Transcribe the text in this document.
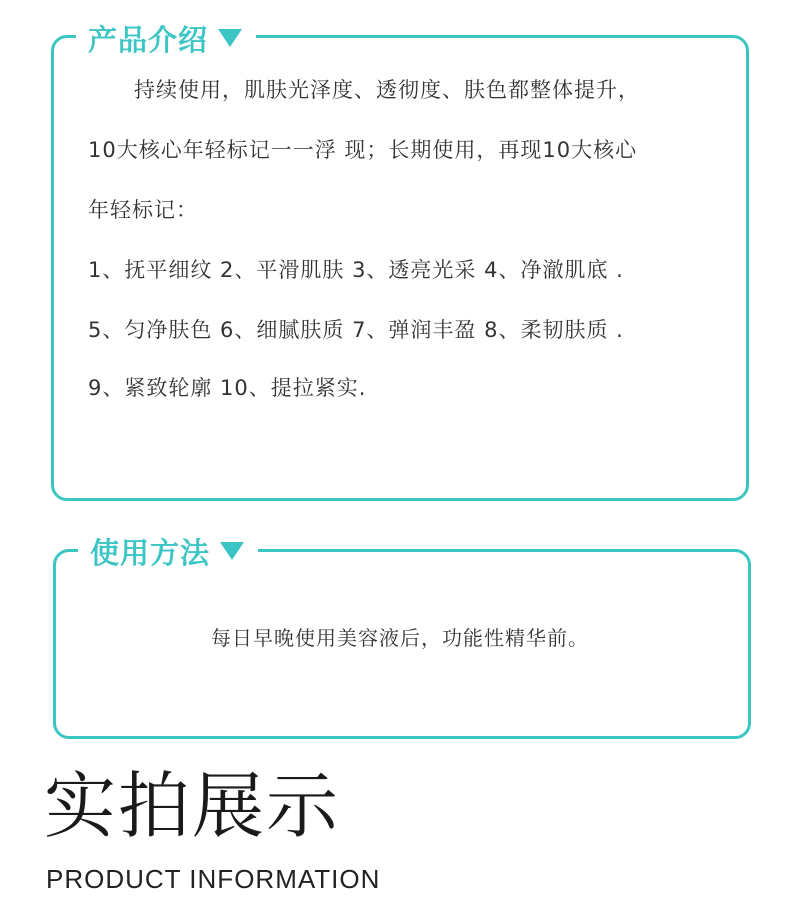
产品介绍
持续使用，肌肤光泽度、透彻度、肤色都整体提升，
10大核心年轻标记一一浮 现；长期使用，再现10大核心
年轻标记：
1、抚平细纹 2、平滑肌肤 3、透亮光采 4、净澈肌底 .
5、匀净肤色 6、细腻肤质 7、弹润丰盈 8、柔韧肤质 .
9、紧致轮廓 10、提拉紧实.
使用方法
每日早晚使用美容液后，功能性精华前。
实拍展示
PRODUCT INFORMATION
